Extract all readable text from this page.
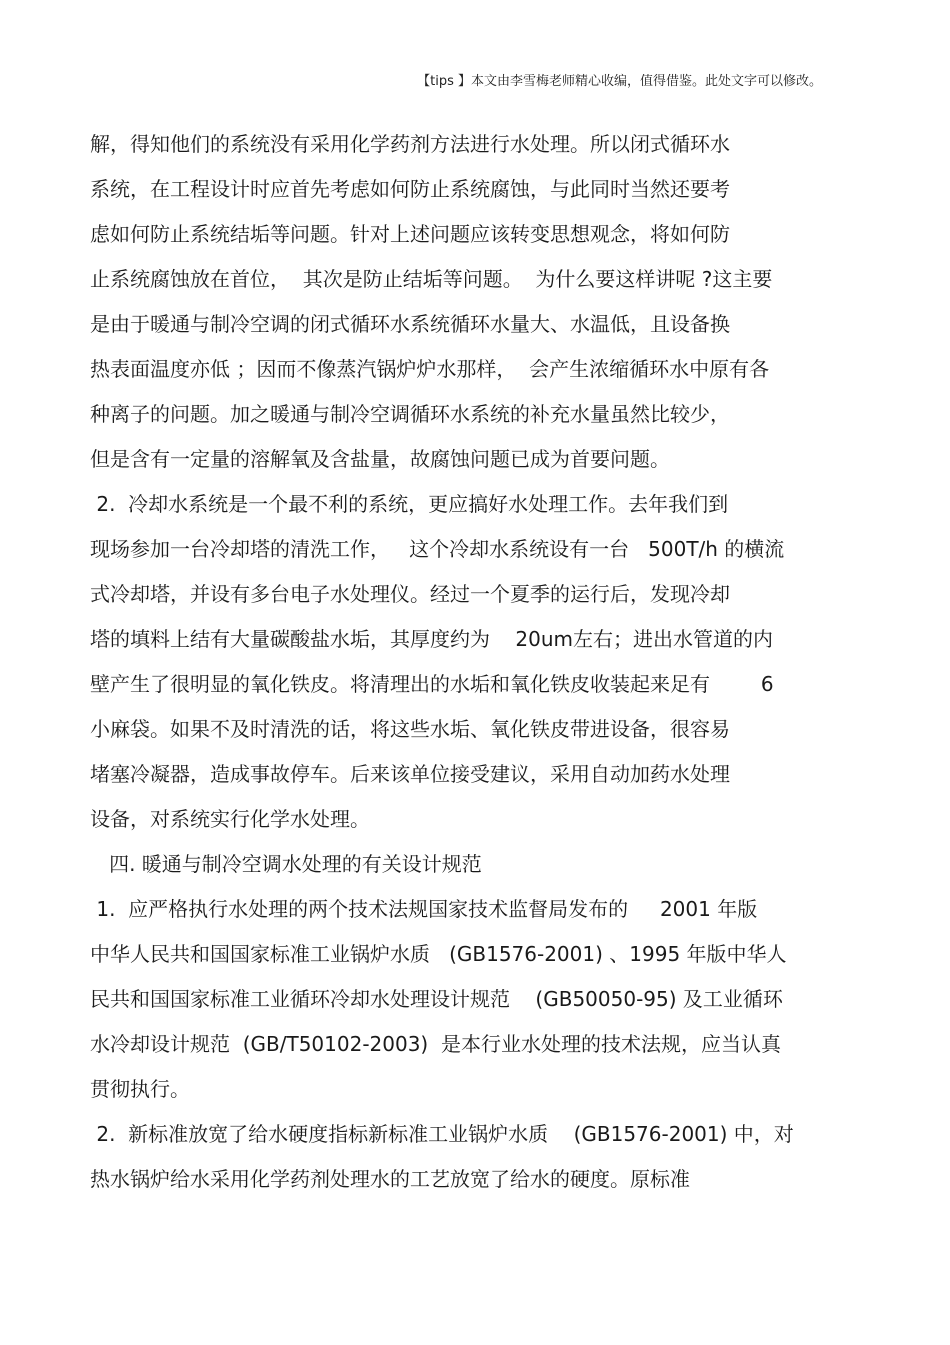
【tips 】本文由李雪梅老师精心收编，值得借鉴。此处文字可以修改。
解，得知他们的系统没有采用化学药剂方法进行水处理。所以闭式循环水
系统，在工程设计时应首先考虑如何防止系统腐蚀，与此同时当然还要考
虑如何防止系统结垢等问题。针对上述问题应该转变思想观念，将如何防
止系统腐蚀放在首位，  其次是防止结垢等问题。  为什么要这样讲呢 ?这主要
是由于暖通与制冷空调的闭式循环水系统循环水量大、水温低，且设备换
热表面温度亦低 ；因而不像蒸汽锅炉炉水那样，  会产生浓缩循环水中原有各
种离子的问题。加之暖通与制冷空调循环水系统的补充水量虽然比较少，
但是含有一定量的溶解氧及含盐量，故腐蚀问题已成为首要问题。
2.  冷却水系统是一个最不利的系统，更应搞好水处理工作。去年我们到
现场参加一台冷却塔的清洗工作，   这个冷却水系统设有一台   500T/h 的横流
式冷却塔，并设有多台电子水处理仪。经过一个夏季的运行后，发现冷却
塔的填料上结有大量碳酸盐水垢，其厚度约为    20um左右；进出水管道的内
壁产生了很明显的氧化铁皮。将清理出的水垢和氧化铁皮收装起来足有        6
小麻袋。如果不及时清洗的话，将这些水垢、氧化铁皮带进设备，很容易
堵塞冷凝器，造成事故停车。后来该单位接受建议，采用自动加药水处理
设备，对系统实行化学水处理。
四. 暖通与制冷空调水处理的有关设计规范
1.  应严格执行水处理的两个技术法规国家技术监督局发布的     2001 年版
中华人民共和国国家标准工业锅炉水质   (GB1576-2001) 、1995 年版中华人
民共和国国家标准工业循环冷却水处理设计规范    (GB50050-95) 及工业循环
水冷却设计规范  (GB/T50102-2003)  是本行业水处理的技术法规，应当认真
贯彻执行。
2.  新标准放宽了给水硬度指标新标准工业锅炉水质    (GB1576-2001) 中，对
热水锅炉给水采用化学药剂处理水的工艺放宽了给水的硬度。原标准
